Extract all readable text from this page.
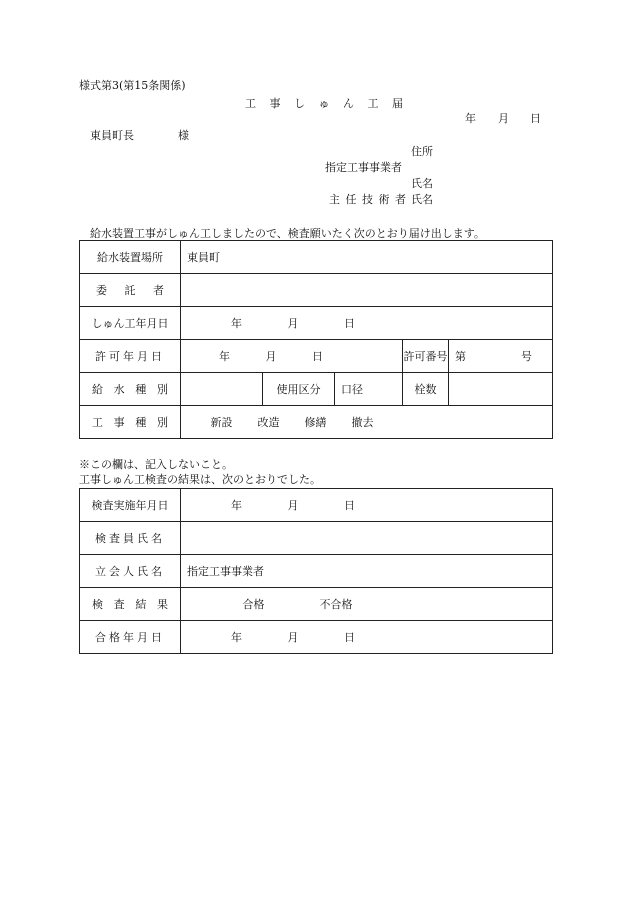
様式第3(第15条関係)
工 事 し ゅ ん 工 届
年 月 日
東員町長	様
住所
指定工事事業者
氏名
主 任 技 術 者 氏名
給水装置工事がしゅん工しましたので、検査願いたく次のとおり届け出します。
給水装置場所	東員町				

委 託 者					

しゅん工年月日	年 月 日				
許可年月日	年 月 日			許可番号	第 号

給 水 種 別		使用区分	口径	栓数	

工 事 種 別	新設 改造 修繕 撤去				
※この欄は、記入しないこと。
工事しゅん工検査の結果は、次のとおりでした。
検査実施年月日	年 月 日
検査員氏名	
立会人氏名	指定工事事業者

検 査 結 果	合格 不合格
合格年月日	年 月 日
